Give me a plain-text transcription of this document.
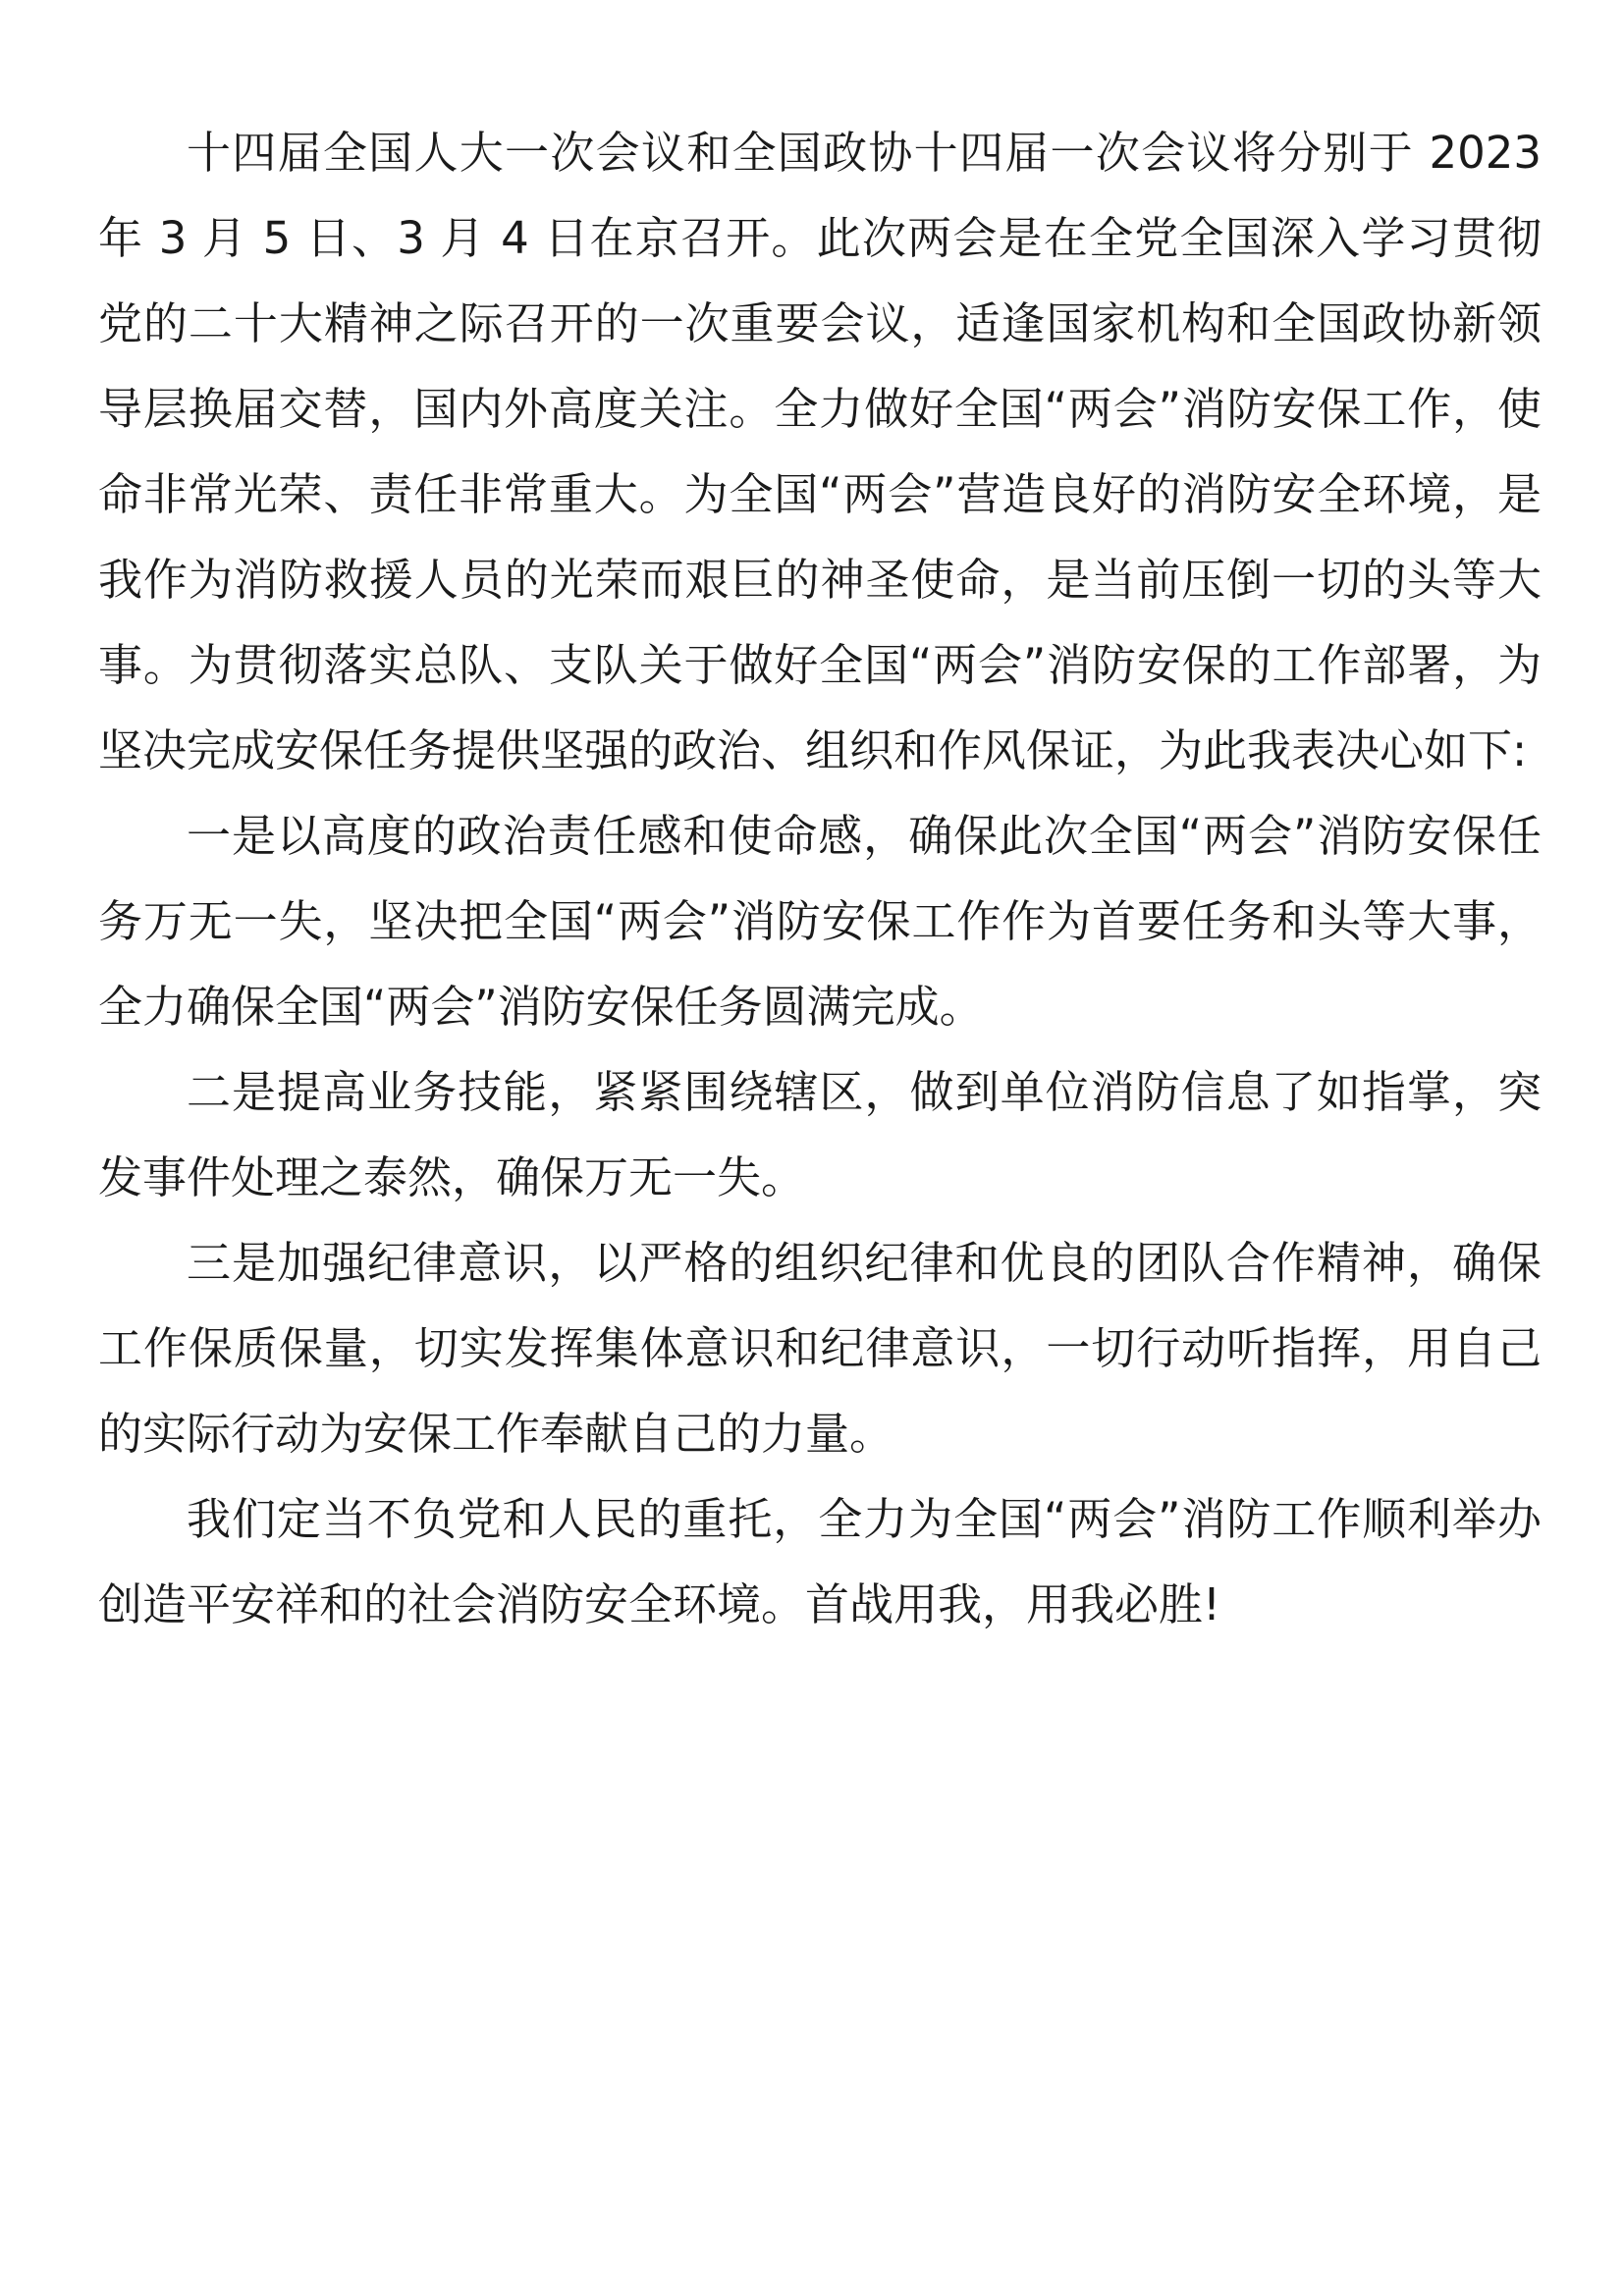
十四届全国人大一次会议和全国政协十四届一次会议将分别于 2023 年 3 月 5 日、3 月 4 日在京召开。此次两会是在全党全国深入学习贯彻党的二十大精神之际召开的一次重要会议，适逢国家机构和全国政协新领导层换届交替，国内外高度关注。全力做好全国“两会”消防安保工作，使命非常光荣、责任非常重大。为全国“两会”营造良好的消防安全环境，是我作为消防救援人员的光荣而艰巨的神圣使命，是当前压倒一切的头等大事。为贯彻落实总队、支队关于做好全国“两会”消防安保的工作部署，为坚决完成安保任务提供坚强的政治、组织和作风保证，为此我表决心如下:

一是以高度的政治责任感和使命感，确保此次全国“两会”消防安保任务万无一失，坚决把全国“两会”消防安保工作作为首要任务和头等大事，全力确保全国“两会”消防安保任务圆满完成。

二是提高业务技能，紧紧围绕辖区，做到单位消防信息了如指掌，突发事件处理之泰然，确保万无一失。

三是加强纪律意识，以严格的组织纪律和优良的团队合作精神，确保工作保质保量，切实发挥集体意识和纪律意识，一切行动听指挥，用自己的实际行动为安保工作奉献自己的力量。

我们定当不负党和人民的重托，全力为全国“两会”消防工作顺利举办创造平安祥和的社会消防安全环境。首战用我，用我必胜!
